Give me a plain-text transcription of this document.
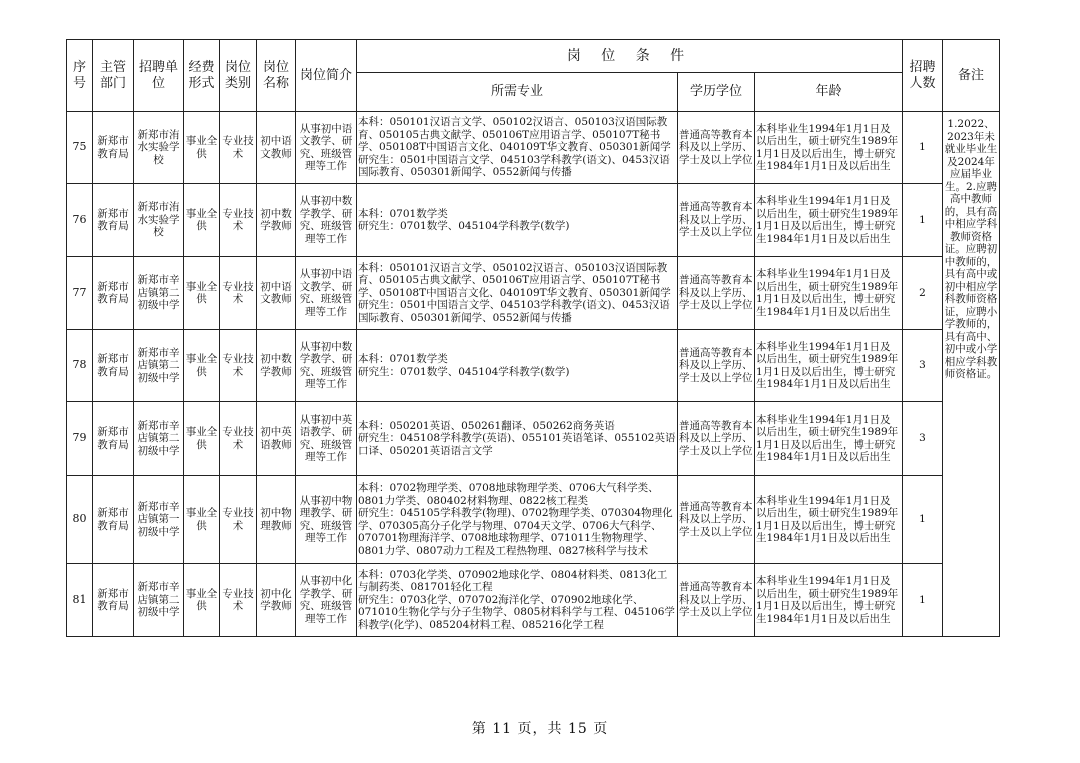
序号	主管部门	招聘单位	经费形式	岗位类别	岗位名称	岗位简介	岗 位 条 件			招聘人数	备注
							所需专业	学历学位	年龄		
75	新郑市教育局	新郑市洧水实验学校	事业全供	专业技术	初中语文教师	从事初中语文教学、研究、班级管理等工作	本科：050101汉语言文学、050102汉语言、050103汉语国际教育、050105古典文献学、050106T应用语言学、050107T秘书学、050108T中国语言文化、040109T华文教育、050301新闻学研究生：0501中国语言文学、045103学科教学(语文)、0453汉语国际教育、050301新闻学、0552新闻与传播	普通高等教育本科及以上学历、学士及以上学位	本科毕业生1994年1月1日及以后出生，硕士研究生1989年1月1日及以后出生，博士研究生1984年1月1日及以后出生	1	1.2022、2023年未就业毕业生及2024年应届毕业生。2.应聘高中教师的，具有高中相应学科教师资格证。应聘初中教师的，具有高中或初中相应学科教师资格证，应聘小学教师的，具有高中、初中或小学相应学科教师资格证。
76	新郑市教育局	新郑市洧水实验学校	事业全供	专业技术	初中数学教师	从事初中数学教学、研究、班级管理等工作	本科：0701数学类
研究生：0701数学、045104学科教学(数学)	普通高等教育本科及以上学历、学士及以上学位	本科毕业生1994年1月1日及以后出生，硕士研究生1989年1月1日及以后出生，博士研究生1984年1月1日及以后出生	1	
77	新郑市教育局	新郑市辛店镇第二初级中学	事业全供	专业技术	初中语文教师	从事初中语文教学、研究、班级管理等工作	本科：050101汉语言文学、050102汉语言、050103汉语国际教育、050105古典文献学、050106T应用语言学、050107T秘书学、050108T中国语言文化、040109T华文教育、050301新闻学研究生：0501中国语言文学、045103学科教学(语文)、0453汉语国际教育、050301新闻学、0552新闻与传播	普通高等教育本科及以上学历、学士及以上学位	本科毕业生1994年1月1日及以后出生，硕士研究生1989年1月1日及以后出生，博士研究生1984年1月1日及以后出生	2	
78	新郑市教育局	新郑市辛店镇第二初级中学	事业全供	专业技术	初中数学教师	从事初中数学教学、研究、班级管理等工作	本科：0701数学类
研究生：0701数学、045104学科教学(数学)	普通高等教育本科及以上学历、学士及以上学位	本科毕业生1994年1月1日及以后出生，硕士研究生1989年1月1日及以后出生，博士研究生1984年1月1日及以后出生	3	
79	新郑市教育局	新郑市辛店镇第二初级中学	事业全供	专业技术	初中英语教师	从事初中英语教学、研究、班级管理等工作	本科：050201英语、050261翻译、050262商务英语
研究生：045108学科教学(英语)、055101英语笔译、055102英语口译、050201英语语言文学	普通高等教育本科及以上学历、学士及以上学位	本科毕业生1994年1月1日及以后出生，硕士研究生1989年1月1日及以后出生，博士研究生1984年1月1日及以后出生	3	
80	新郑市教育局	新郑市辛店镇第一初级中学	事业全供	专业技术	初中物理教师	从事初中物理教学、研究、班级管理等工作	本科：0702物理学类、0708地球物理学类、0706大气科学类、0801力学类、080402材料物理、0822核工程类
研究生：045105学科教学(物理)、0702物理学类、070304物理化学、070305高分子化学与物理、0704天文学、0706大气科学、070701物理海洋学、0708地球物理学、071011生物物理学、0801力学、0807动力工程及工程热物理、0827核科学与技术	普通高等教育本科及以上学历、学士及以上学位	本科毕业生1994年1月1日及以后出生，硕士研究生1989年1月1日及以后出生，博士研究生1984年1月1日及以后出生	1	
81	新郑市教育局	新郑市辛店镇第二初级中学	事业全供	专业技术	初中化学教师	从事初中化学教学、研究、班级管理等工作	本科：0703化学类、070902地球化学、0804材料类、0813化工与制药类、081701轻化工程
研究生：0703化学、070702海洋化学、070902地球化学、071010生物化学与分子生物学、0805材料科学与工程、045106学科教学(化学)、085204材料工程、085216化学工程	普通高等教育本科及以上学历、学士及以上学位	本科毕业生1994年1月1日及以后出生，硕士研究生1989年1月1日及以后出生，博士研究生1984年1月1日及以后出生	1	
第 11 页，共 15 页
